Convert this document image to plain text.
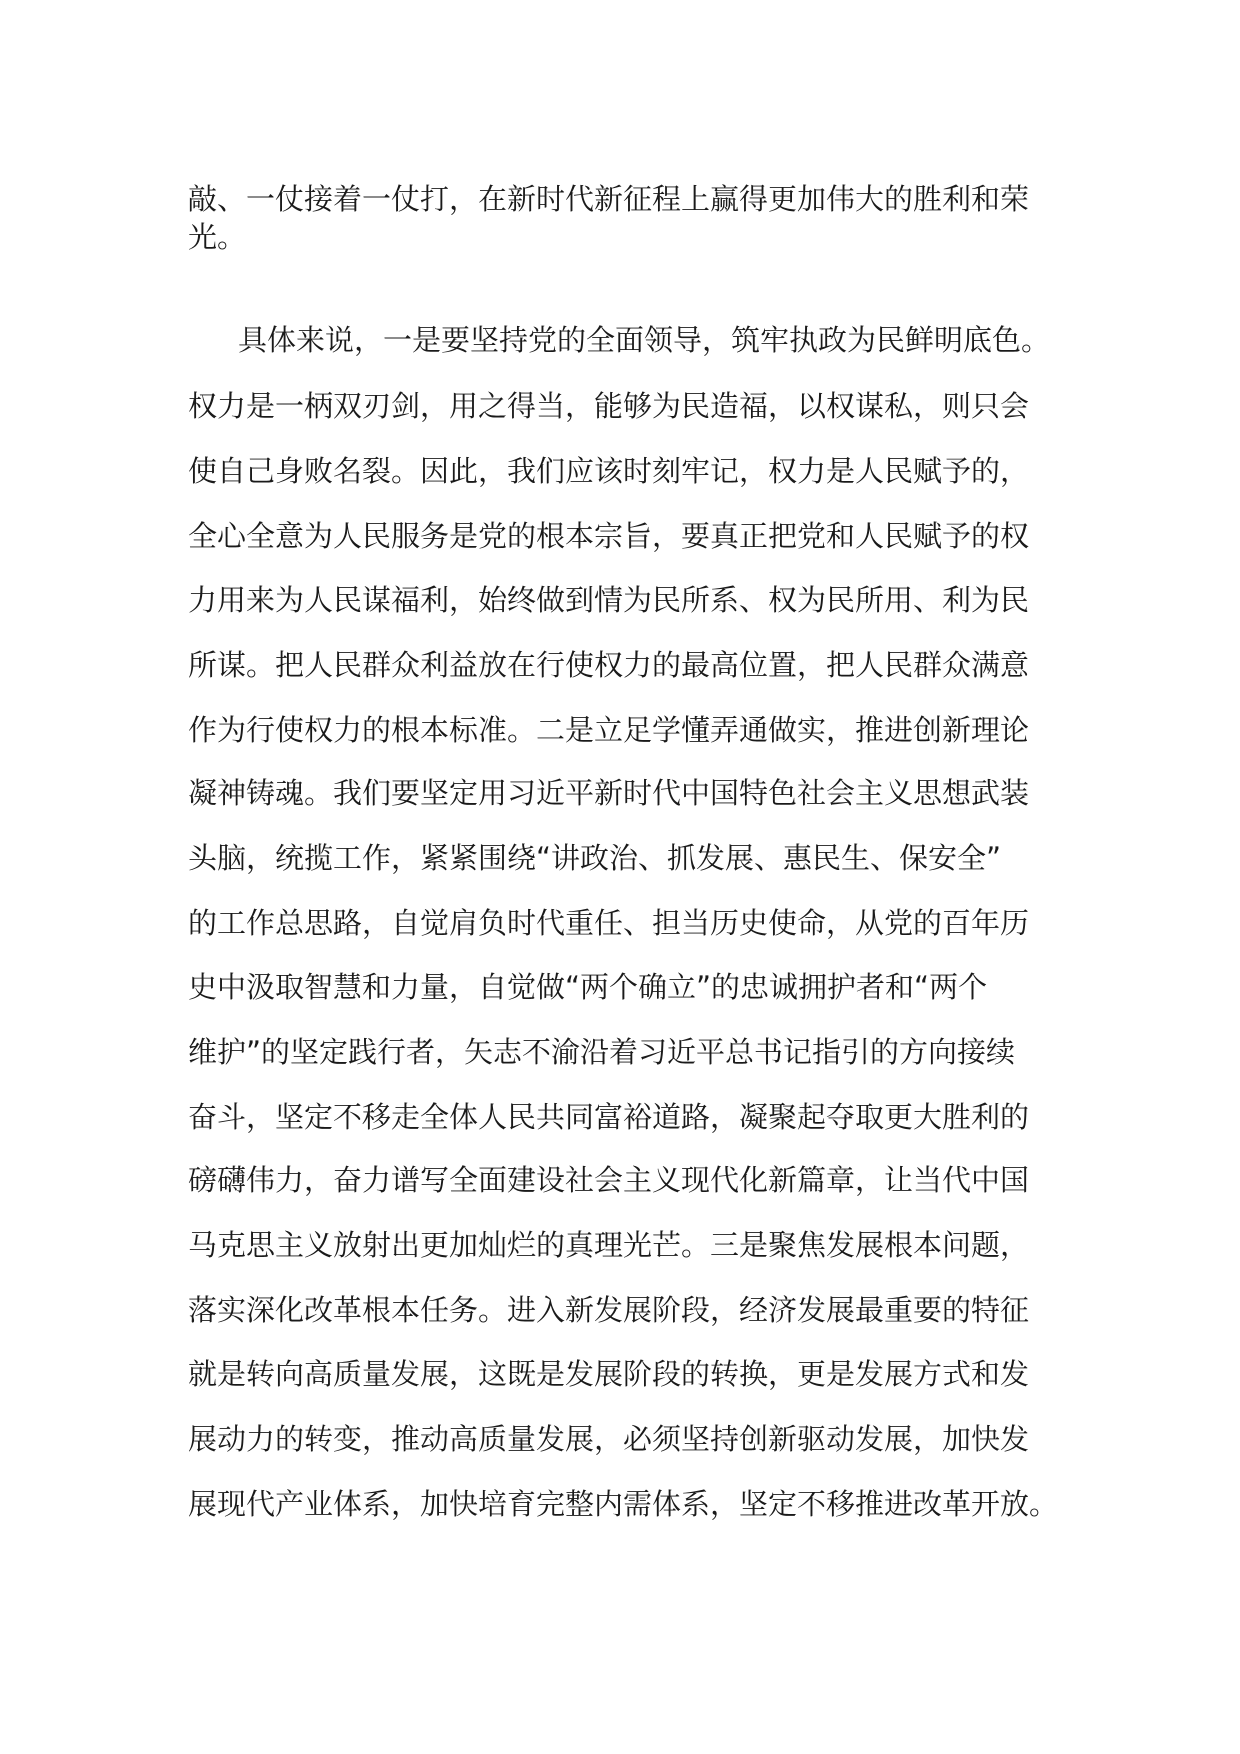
敲、一仗接着一仗打，在新时代新征程上赢得更加伟大的胜利和荣
光。
具体来说，一是要坚持党的全面领导，筑牢执政为民鲜明底色。
权力是一柄双刃剑，用之得当，能够为民造福，以权谋私，则只会
使自己身败名裂。因此，我们应该时刻牢记，权力是人民赋予的，
全心全意为人民服务是党的根本宗旨，要真正把党和人民赋予的权
力用来为人民谋福利，始终做到情为民所系、权为民所用、利为民
所谋。把人民群众利益放在行使权力的最高位置，把人民群众满意
作为行使权力的根本标准。二是立足学懂弄通做实，推进创新理论
凝神铸魂。我们要坚定用习近平新时代中国特色社会主义思想武装
头脑，统揽工作，紧紧围绕“讲政治、抓发展、惠民生、保安全”
的工作总思路，自觉肩负时代重任、担当历史使命，从党的百年历
史中汲取智慧和力量，自觉做“两个确立”的忠诚拥护者和“两个
维护”的坚定践行者，矢志不渝沿着习近平总书记指引的方向接续
奋斗，坚定不移走全体人民共同富裕道路，凝聚起夺取更大胜利的
磅礴伟力，奋力谱写全面建设社会主义现代化新篇章，让当代中国
马克思主义放射出更加灿烂的真理光芒。三是聚焦发展根本问题，
落实深化改革根本任务。进入新发展阶段，经济发展最重要的特征
就是转向高质量发展，这既是发展阶段的转换，更是发展方式和发
展动力的转变，推动高质量发展，必须坚持创新驱动发展，加快发
展现代产业体系，加快培育完整内需体系，坚定不移推进改革开放。
